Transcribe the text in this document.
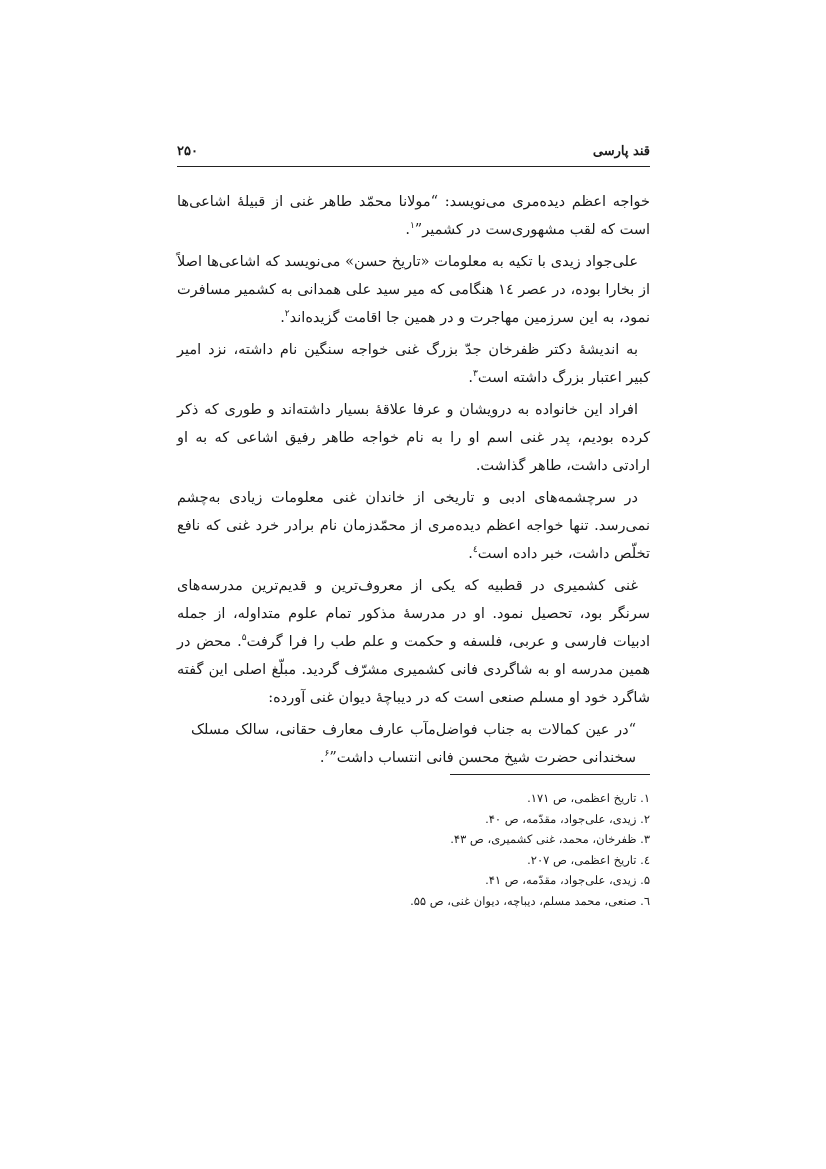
قند پارسی
۲۵۰

خواجه اعظم دیده‌مری می‌نویسد: “مولانا محمّد طاهر غنی از قبیلهٔ اشاعی‌ها است که لقب مشهوری‌ست در کشمیر”$^۱$.

علی‌جواد زیدی با تکیه به معلومات «تاریخ حسن» می‌نویسد که اشاعی‌ها اصلاً از بخارا بوده، در عصر ۱٤ هنگامی که میر سید علی همدانی به کشمیر مسافرت نمود، به این سرزمین مهاجرت و در همین جا اقامت گزیده‌اند$^۲$.

به اندیشهٔ دکتر ظفرخان جدّ بزرگ غنی خواجه سنگین نام داشته، نزد امیر کبیر اعتبار بزرگ داشته است$^۳$.

افراد این خانواده به درویشان و عرفا علاقهٔ بسیار داشته‌اند و طوری که ذکر کرده بودیم، پدر غنی اسم او را به نام خواجه طاهر رفیق اشاعی که به او ارادتی داشت، طاهر گذاشت.

در سرچشمه‌های ادبی و تاریخی از خاندان غنی معلومات زیادی به‌چشم نمی‌رسد. تنها خواجه اعظم دیده‌مری از محمّدزمان نام برادر خرد غنی که نافع تخلّص داشت، خبر داده است$^٤$.

غنی کشمیری در قطبیه که یکی از معروف‌ترین و قدیم‌ترین مدرسه‌های سرنگر بود، تحصیل نمود. او در مدرسهٔ مذکور تمام علوم متداوله، از جمله ادبیات فارسی و عربی، فلسفه و حکمت و علم طب را فرا گرفت$^۵$. محض در همین مدرسه او به شاگردی فانی کشمیری مشرّف گردید. مبلّغ اصلی این گفته شاگرد خود او مسلم صنعی است که در دیباچهٔ دیوان غنی آورده:

“در عین کمالات به جناب فواضل‌مآب عارف معارف حقانی، سالک مسلک سخندانی حضرت شیخ محسن فانی انتساب داشت”$^۶$.

۱. تاریخ اعظمی، ص ۱۷۱.

۲. زیدی، علی‌جواد، مقدّمه، ص ۴۰.

۳. ظفرخان، محمد، غنی کشمیری، ص ۴۳.

٤. تاریخ اعظمی، ص ۲۰۷.

۵. زیدی، علی‌جواد، مقدّمه، ص ۴۱.

٦. صنعی، محمد مسلم، دیباچه، دیوان غنی، ص ۵۵.
